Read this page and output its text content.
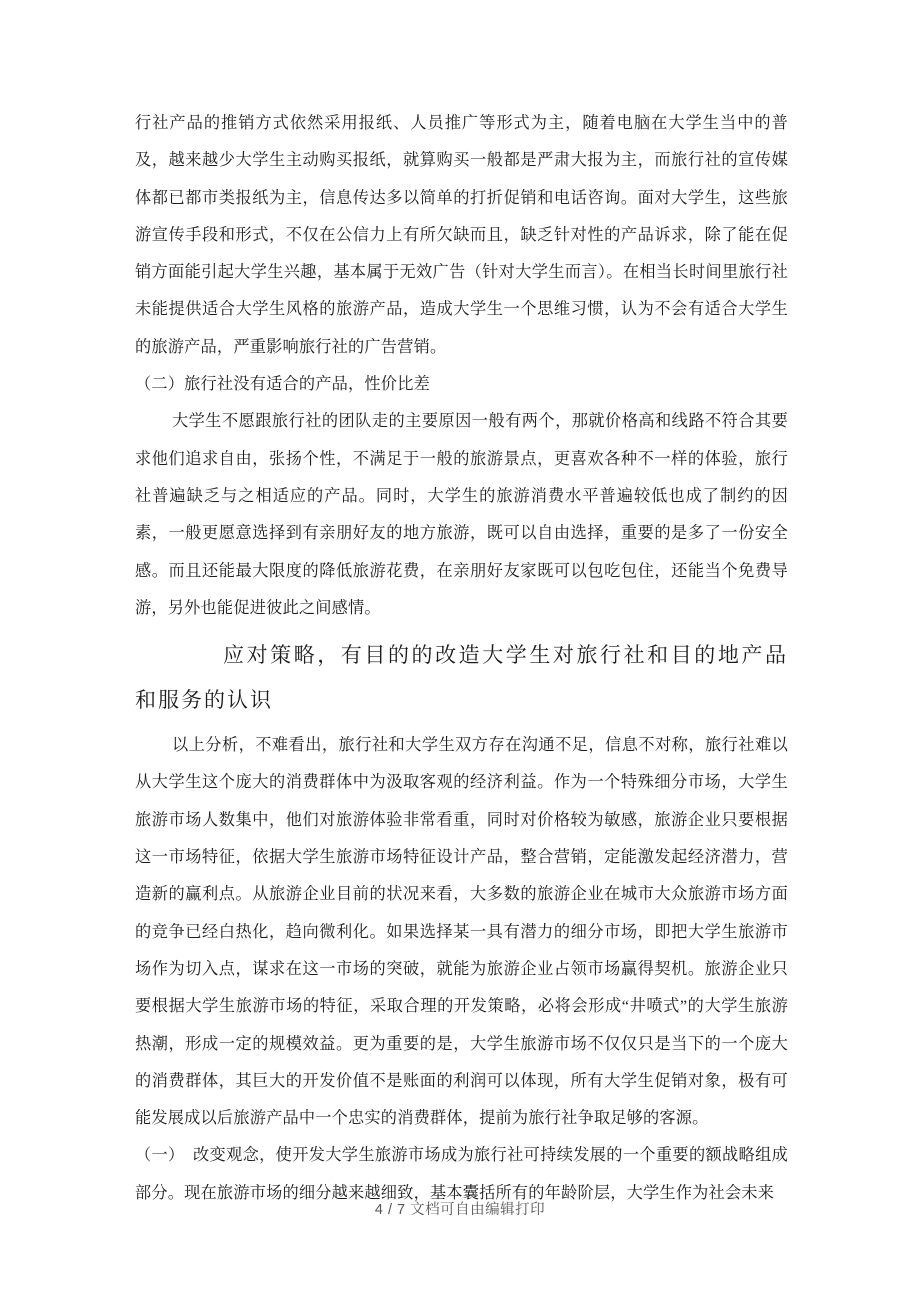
行社产品的推销方式依然采用报纸、人员推广等形式为主，随着电脑在大学生当中的普及，越来越少大学生主动购买报纸，就算购买一般都是严肃大报为主，而旅行社的宣传媒体都已都市类报纸为主，信息传达多以简单的打折促销和电话咨询。面对大学生，这些旅游宣传手段和形式，不仅在公信力上有所欠缺而且，缺乏针对性的产品诉求，除了能在促销方面能引起大学生兴趣，基本属于无效广告（针对大学生而言）。在相当长时间里旅行社未能提供适合大学生风格的旅游产品，造成大学生一个思维习惯，认为不会有适合大学生的旅游产品，严重影响旅行社的广告营销。

（二）旅行社没有适合的产品，性价比差

大学生不愿跟旅行社的团队走的主要原因一般有两个，那就价格高和线路不符合其要求他们追求自由，张扬个性，不满足于一般的旅游景点，更喜欢各种不一样的体验，旅行社普遍缺乏与之相适应的产品。同时，大学生的旅游消费水平普遍较低也成了制约的因素，一般更愿意选择到有亲朋好友的地方旅游，既可以自由选择，重要的是多了一份安全感。而且还能最大限度的降低旅游花费，在亲朋好友家既可以包吃包住，还能当个免费导游，另外也能促进彼此之间感情。

应对策略，有目的的改造大学生对旅行社和目的地产品和服务的认识

以上分析，不难看出，旅行社和大学生双方存在沟通不足，信息不对称，旅行社难以从大学生这个庞大的消费群体中为汲取客观的经济利益。作为一个特殊细分市场，大学生旅游市场人数集中，他们对旅游体验非常看重，同时对价格较为敏感，旅游企业只要根据这一市场特征，依据大学生旅游市场特征设计产品，整合营销，定能激发起经济潜力，营造新的赢利点。从旅游企业目前的状况来看，大多数的旅游企业在城市大众旅游市场方面的竞争已经白热化，趋向微利化。如果选择某一具有潜力的细分市场，即把大学生旅游市场作为切入点，谋求在这一市场的突破，就能为旅游企业占领市场赢得契机。旅游企业只要根据大学生旅游市场的特征，采取合理的开发策略，必将会形成“井喷式”的大学生旅游热潮，形成一定的规模效益。更为重要的是，大学生旅游市场不仅仅只是当下的一个庞大的消费群体，其巨大的开发价值不是账面的利润可以体现，所有大学生促销对象，极有可能发展成以后旅游产品中一个忠实的消费群体，提前为旅行社争取足够的客源。

（一）　改变观念，使开发大学生旅游市场成为旅行社可持续发展的一个重要的额战略组成部分。现在旅游市场的细分越来越细致，基本囊括所有的年龄阶层，大学生作为社会未来

4 / 7 文档可自由编辑打印
